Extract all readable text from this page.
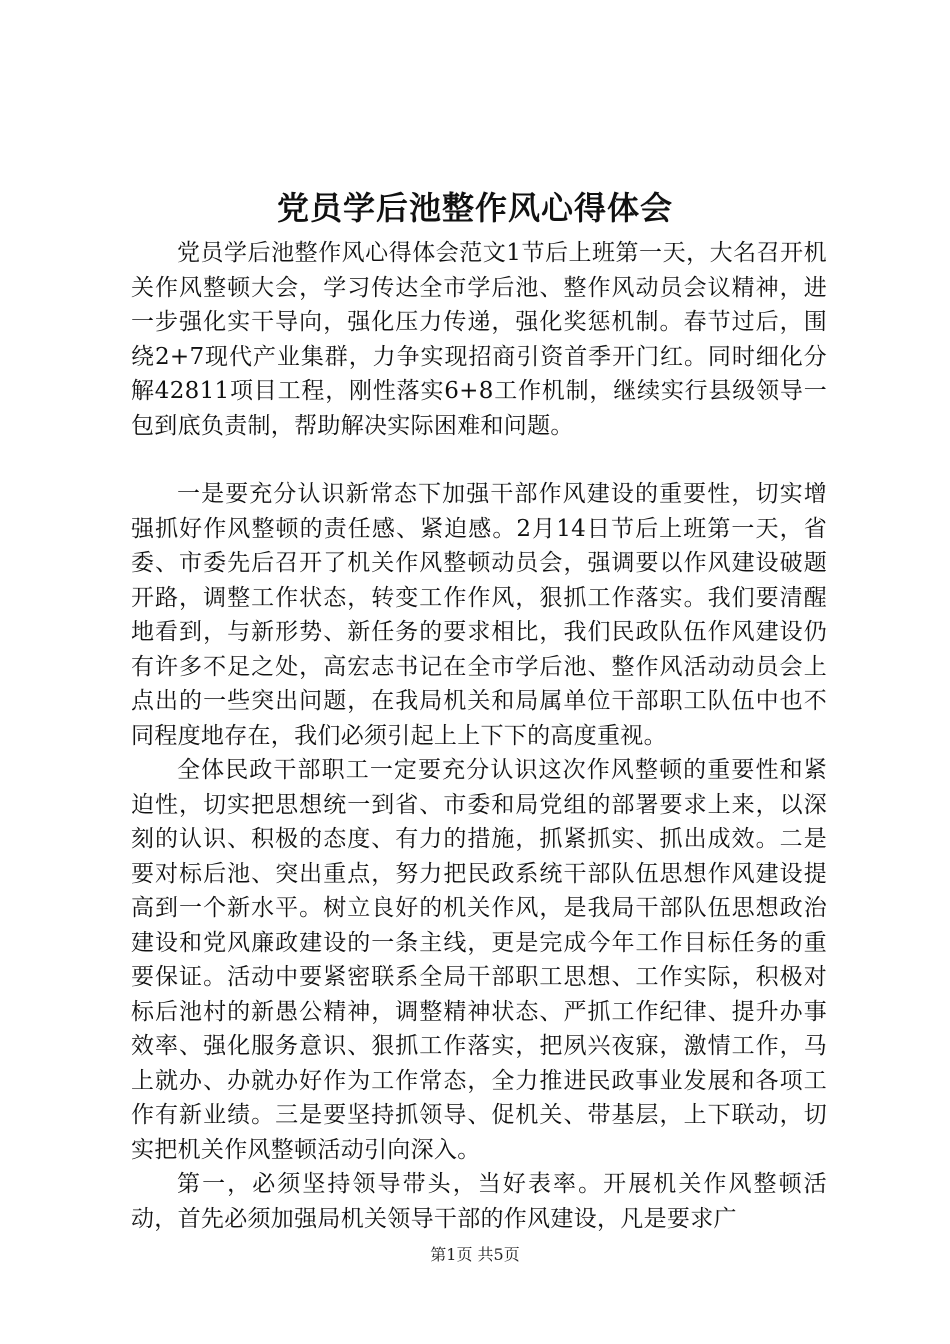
党员学后池整作风心得体会

党员学后池整作风心得体会范文1节后上班第一天，大名召开机关作风整顿大会，学习传达全市学后池、整作风动员会议精神，进一步强化实干导向，强化压力传递，强化奖惩机制。春节过后，围绕2+7现代产业集群，力争实现招商引资首季开门红。同时细化分解42811项目工程，刚性落实6+8工作机制，继续实行县级领导一包到底负责制，帮助解决实际困难和问题。

一是要充分认识新常态下加强干部作风建设的重要性，切实增强抓好作风整顿的责任感、紧迫感。2月14日节后上班第一天，省委、市委先后召开了机关作风整顿动员会，强调要以作风建设破题开路，调整工作状态，转变工作作风，狠抓工作落实。我们要清醒地看到，与新形势、新任务的要求相比，我们民政队伍作风建设仍有许多不足之处，高宏志书记在全市学后池、整作风活动动员会上点出的一些突出问题，在我局机关和局属单位干部职工队伍中也不同程度地存在，我们必须引起上上下下的高度重视。

全体民政干部职工一定要充分认识这次作风整顿的重要性和紧迫性，切实把思想统一到省、市委和局党组的部署要求上来，以深刻的认识、积极的态度、有力的措施，抓紧抓实、抓出成效。二是要对标后池、突出重点，努力把民政系统干部队伍思想作风建设提高到一个新水平。树立良好的机关作风，是我局干部队伍思想政治建设和党风廉政建设的一条主线，更是完成今年工作目标任务的重要保证。活动中要紧密联系全局干部职工思想、工作实际，积极对标后池村的新愚公精神，调整精神状态、严抓工作纪律、提升办事效率、强化服务意识、狠抓工作落实，把夙兴夜寐，激情工作，马上就办、办就办好作为工作常态，全力推进民政事业发展和各项工作有新业绩。三是要坚持抓领导、促机关、带基层，上下联动，切实把机关作风整顿活动引向深入。

第一，必须坚持领导带头，当好表率。开展机关作风整顿活动，首先必须加强局机关领导干部的作风建设，凡是要求广

第1页 共5页
